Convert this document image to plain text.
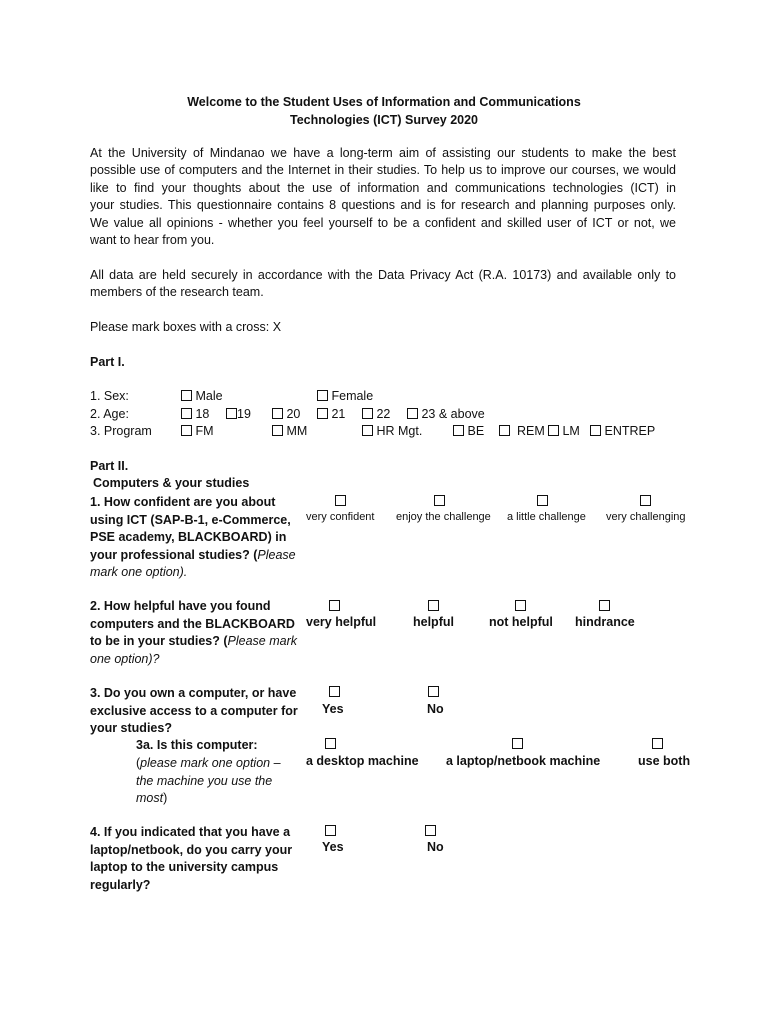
Welcome to the Student Uses of Information and Communications
Technologies (ICT) Survey 2020
At the University of Mindanao we have a long-term aim of assisting our students to make the best
possible use of computers and the Internet in their studies. To help us to improve our courses, we would
like to find your thoughts about the use of information and communications technologies (ICT) in
your studies. This questionnaire contains 8 questions and is for research and planning purposes only.
We value all opinions - whether you feel yourself to be a confident and skilled user of ICT or not, we
want to hear from you.
All data are held securely in accordance with the Data Privacy Act (R.A. 10173) and available only to
members of the research team.
Please mark boxes with a cross: X
Part I.
1. Sex:	Male	Female
2. Age:	18	19	20	21	22	23 & above
3. Program	FM	MM	HR Mgt.	BE	REM	LM	ENTREP
Part II.
Computers & your studies
1. How confident are you about using ICT (SAP-B-1, e-Commerce, PSE academy, BLACKBOARD) in your professional studies? (Please mark one option).
very confident enjoy the challenge a little challenge very challenging
2. How helpful have you found computers and the BLACKBOARD to be in your studies? (Please mark one option)?
very helpful	helpful	not helpful hindrance
3. Do you own a computer, or have exclusive access to a computer for your studies?
Yes	No
3a. Is this computer:
(please mark one option – the machine you use the most)
a desktop machine a laptop/netbook machine	use both
4. If you indicated that you have a laptop/netbook, do you carry your laptop to the university campus regularly?
Yes	No
